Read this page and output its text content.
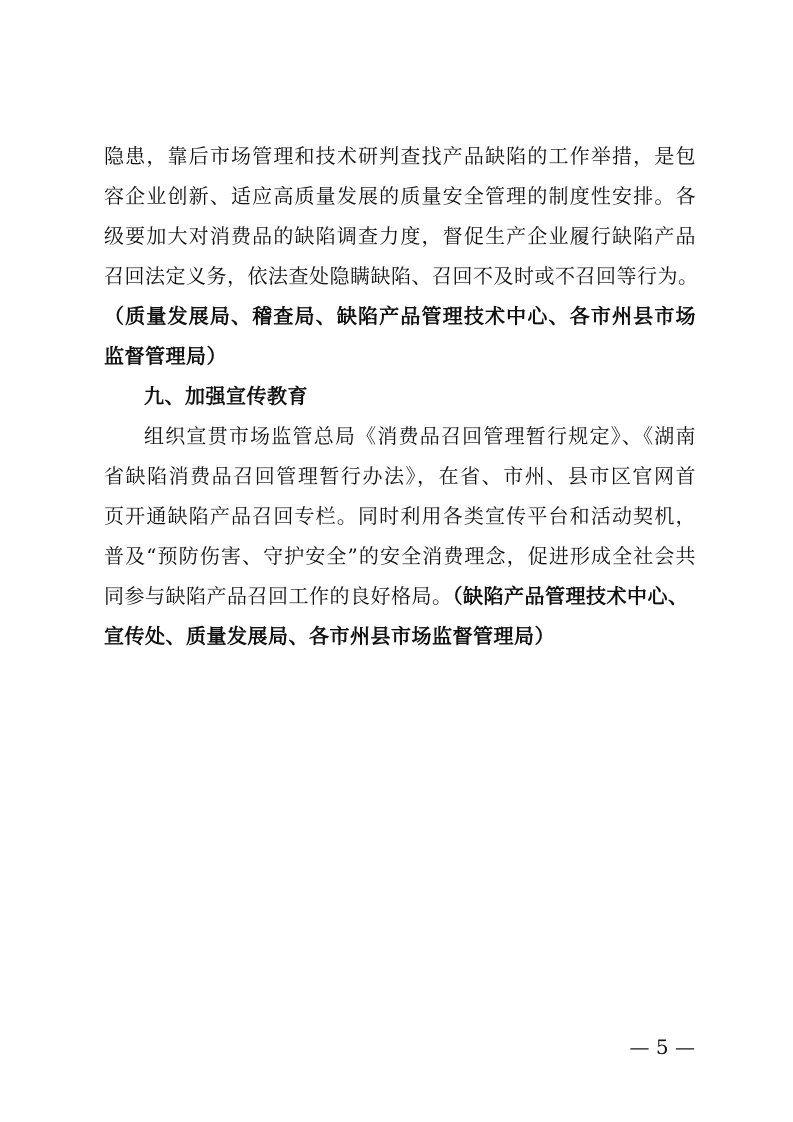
隐患，靠后市场管理和技术研判查找产品缺陷的工作举措，是包
容企业创新、适应高质量发展的质量安全管理的制度性安排。各
级要加大对消费品的缺陷调查力度，督促生产企业履行缺陷产品
召回法定义务，依法查处隐瞒缺陷、召回不及时或不召回等行为。
（质量发展局、稽查局、缺陷产品管理技术中心、各市州县市场
监督管理局）
九、加强宣传教育
组织宣贯市场监管总局《消费品召回管理暂行规定》、《湖南
省缺陷消费品召回管理暂行办法》，在省、市州、县市区官网首
页开通缺陷产品召回专栏。同时利用各类宣传平台和活动契机，
普及“预防伤害、守护安全”的安全消费理念，促进形成全社会共
同参与缺陷产品召回工作的良好格局。（缺陷产品管理技术中心、
宣传处、质量发展局、各市州县市场监督管理局）
— 5 —
